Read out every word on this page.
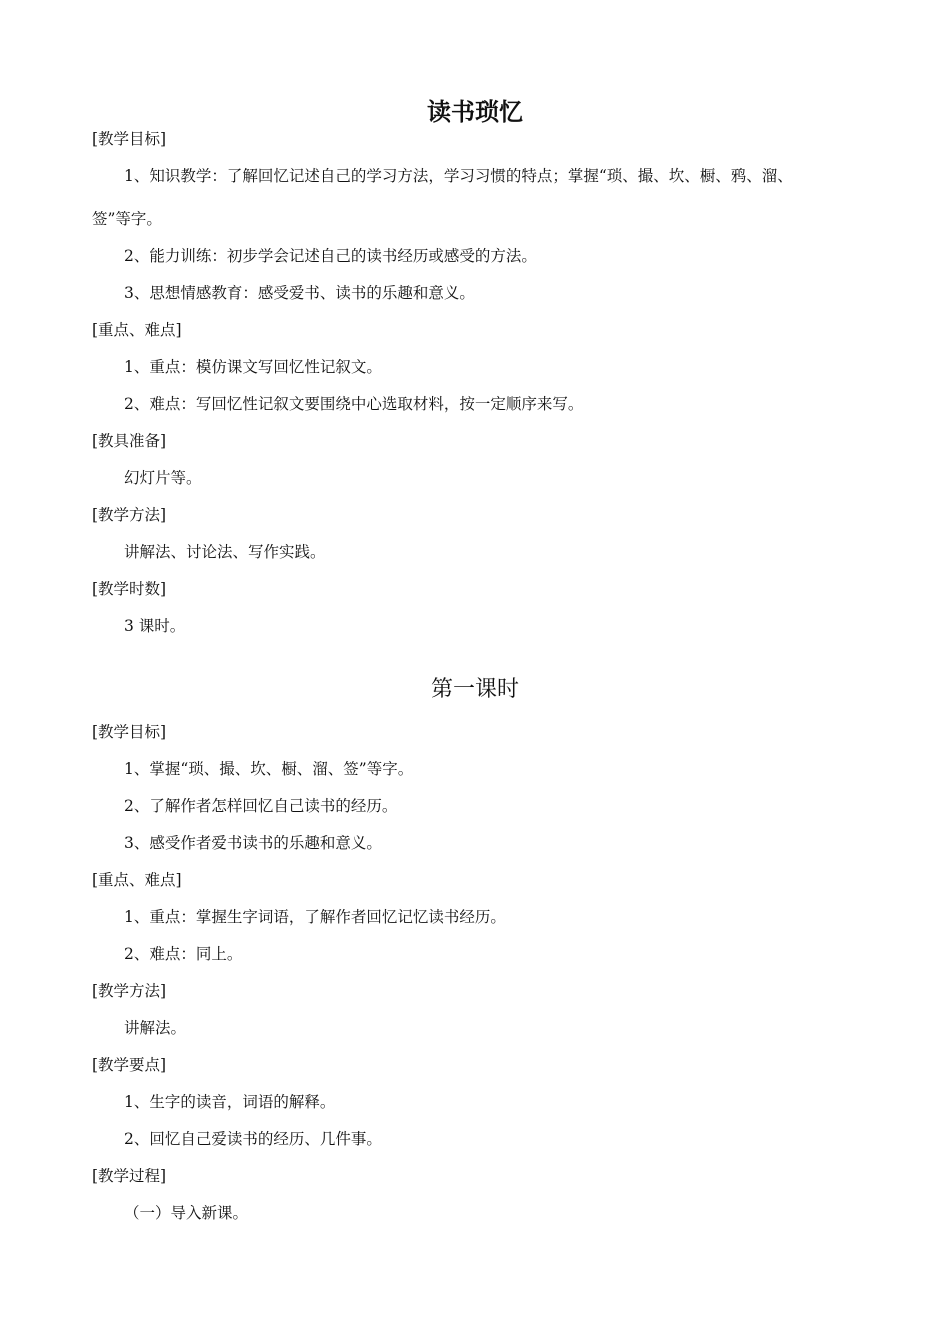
读书琐忆
[教学目标]
1、知识教学：了解回忆记述自己的学习方法，学习习惯的特点；掌握“琐、撮、坎、橱、鸦、溜、
签”等字。
2、能力训练：初步学会记述自己的读书经历或感受的方法。
3、思想情感教育：感受爱书、读书的乐趣和意义。
[重点、难点]
1、重点：模仿课文写回忆性记叙文。
2、难点：写回忆性记叙文要围绕中心选取材料，按一定顺序来写。
[教具准备]
幻灯片等。
[教学方法]
讲解法、讨论法、写作实践。
[教学时数]
3 课时。
第一课时
[教学目标]
1、掌握“琐、撮、坎、橱、溜、签”等字。
2、了解作者怎样回忆自己读书的经历。
3、感受作者爱书读书的乐趣和意义。
[重点、难点]
1、重点：掌握生字词语，了解作者回忆记忆读书经历。
2、难点：同上。
[教学方法]
讲解法。
[教学要点]
1、生字的读音，词语的解释。
2、回忆自己爱读书的经历、几件事。
[教学过程]
（一）导入新课。
